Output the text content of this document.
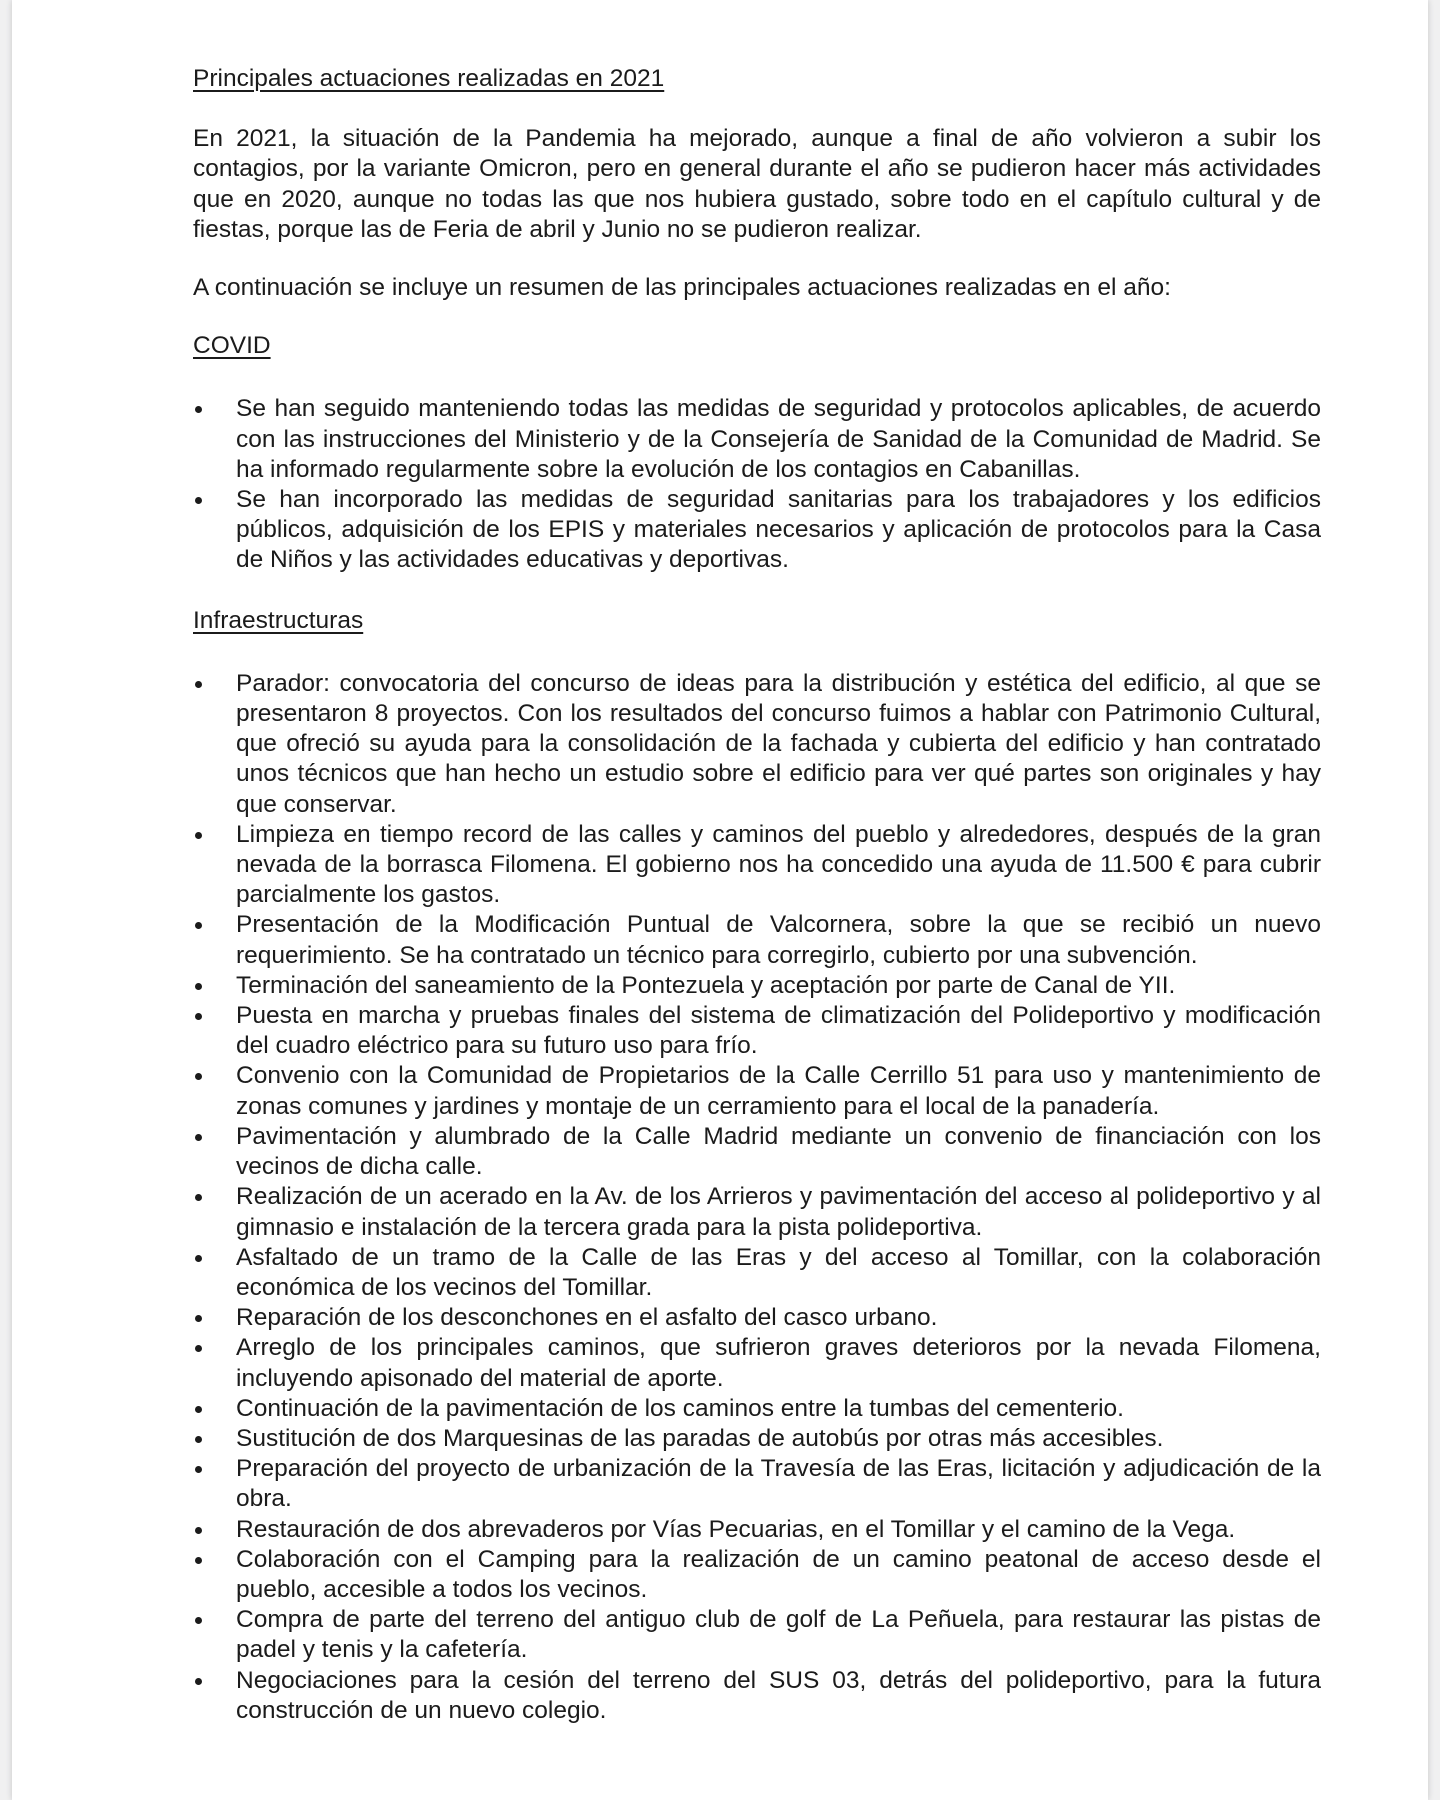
Principales actuaciones realizadas en 2021

En 2021, la situación de la Pandemia ha mejorado, aunque a final de año volvieron a subir los contagios, por la variante Omicron, pero en general durante el año se pudieron hacer más actividades que en 2020, aunque no todas las que nos hubiera gustado, sobre todo en el capítulo cultural y de fiestas, porque las de Feria de abril y Junio no se pudieron realizar.

A continuación se incluye un resumen de las principales actuaciones realizadas en el año:

COVID
Se han seguido manteniendo todas las medidas de seguridad y protocolos aplicables, de acuerdo con las instrucciones del Ministerio y de la Consejería de Sanidad de la Comunidad de Madrid. Se ha informado regularmente sobre la evolución de los contagios en Cabanillas.
Se han incorporado las medidas de seguridad sanitarias para los trabajadores y los edificios públicos, adquisición de los EPIS y materiales necesarios y aplicación de protocolos para la Casa de Niños y las actividades educativas y deportivas.
Infraestructuras
Parador: convocatoria del concurso de ideas para la distribución y estética del edificio, al que se presentaron 8 proyectos. Con los resultados del concurso fuimos a hablar con Patrimonio Cultural, que ofreció su ayuda para la consolidación de la fachada y cubierta del edificio y han contratado unos técnicos que han hecho un estudio sobre el edificio para ver qué partes son originales y hay que conservar.
Limpieza en tiempo record de las calles y caminos del pueblo y alrededores, después de la gran nevada de la borrasca Filomena. El gobierno nos ha concedido una ayuda de 11.500 € para cubrir parcialmente los gastos.
Presentación de la Modificación Puntual de Valcornera, sobre la que se recibió un nuevo requerimiento. Se ha contratado un técnico para corregirlo, cubierto por una subvención.
Terminación del saneamiento de la Pontezuela y aceptación por parte de Canal de YII.
Puesta en marcha y pruebas finales del sistema de climatización del Polideportivo y modificación del cuadro eléctrico para su futuro uso para frío.
Convenio con la Comunidad de Propietarios de la Calle Cerrillo 51 para uso y mantenimiento de zonas comunes y jardines y montaje de un cerramiento para el local de la panadería.
Pavimentación y alumbrado de la Calle Madrid mediante un convenio de financiación con los vecinos de dicha calle.
Realización de un acerado en la Av. de los Arrieros y pavimentación del acceso al polideportivo y al gimnasio e instalación de la tercera grada para la pista polideportiva.
Asfaltado de un tramo de la Calle de las Eras y del acceso al Tomillar, con la colaboración económica de los vecinos del Tomillar.
Reparación de los desconchones en el asfalto del casco urbano.
Arreglo de los principales caminos, que sufrieron graves deterioros por la nevada Filomena, incluyendo apisonado del material de aporte.
Continuación de la pavimentación de los caminos entre la tumbas del cementerio.
Sustitución de dos Marquesinas de las paradas de autobús por otras más accesibles.
Preparación del proyecto de urbanización de la Travesía de las Eras, licitación y adjudicación de la obra.
Restauración de dos abrevaderos por Vías Pecuarias, en el Tomillar y el camino de la Vega.
Colaboración con el Camping para la realización de un camino peatonal de acceso desde el pueblo, accesible a todos los vecinos.
Compra de parte del terreno del antiguo club de golf de La Peñuela, para restaurar las pistas de padel y tenis y la cafetería.
Negociaciones para la cesión del terreno del SUS 03, detrás del polideportivo, para la futura construcción de un nuevo colegio.
